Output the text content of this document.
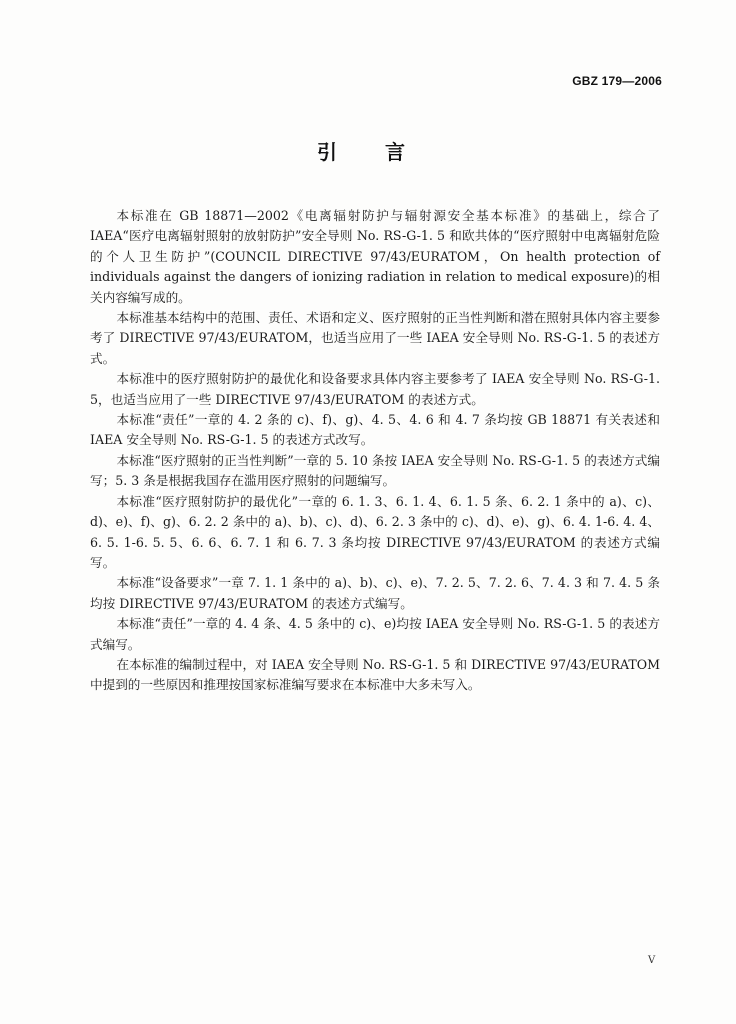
GBZ 179—2006
引　言

本标准在 GB 18871—2002《电离辐射防护与辐射源安全基本标准》的基础上，综合了 IAEA“医疗电离辐射照射的放射防护”安全导则 No. RS-G-1. 5 和欧共体的“医疗照射中电离辐射危险的个人卫生防护”(COUNCIL DIRECTIVE 97/43/EURATOM，On health protection of individuals against the dangers of ionizing radiation in relation to medical exposure)的相关内容编写成的。

本标准基本结构中的范围、责任、术语和定义、医疗照射的正当性判断和潜在照射具体内容主要参考了 DIRECTIVE 97/43/EURATOM，也适当应用了一些 IAEA 安全导则 No. RS-G-1. 5 的表述方式。

本标准中的医疗照射防护的最优化和设备要求具体内容主要参考了 IAEA 安全导则 No. RS-G-1. 5，也适当应用了一些 DIRECTIVE 97/43/EURATOM 的表述方式。

本标准“责任”一章的 4. 2 条的 c)、f)、g)、4. 5、4. 6 和 4. 7 条均按 GB 18871 有关表述和 IAEA 安全导则 No. RS-G-1. 5 的表述方式改写。

本标准“医疗照射的正当性判断”一章的 5. 10 条按 IAEA 安全导则 No. RS-G-1. 5 的表述方式编写；5. 3 条是根据我国存在滥用医疗照射的问题编写。

本标准“医疗照射防护的最优化”一章的 6. 1. 3、6. 1. 4、6. 1. 5 条、6. 2. 1 条中的 a)、c)、d)、e)、f)、g)、6. 2. 2 条中的 a)、b)、c)、d)、6. 2. 3 条中的 c)、d)、e)、g)、6. 4. 1-6. 4. 4、6. 5. 1-6. 5. 5、6. 6、6. 7. 1 和 6. 7. 3 条均按 DIRECTIVE 97/43/EURATOM 的表述方式编写。

本标准“设备要求”一章 7. 1. 1 条中的 a)、b)、c)、e)、7. 2. 5、7. 2. 6、7. 4. 3 和 7. 4. 5 条均按 DIRECTIVE 97/43/EURATOM 的表述方式编写。

本标准“责任”一章的 4. 4 条、4. 5 条中的 c)、e)均按 IAEA 安全导则 No. RS-G-1. 5 的表述方式编写。

在本标准的编制过程中，对 IAEA 安全导则 No. RS-G-1. 5 和 DIRECTIVE 97/43/EURATOM 中提到的一些原因和推理按国家标准编写要求在本标准中大多未写入。

V
